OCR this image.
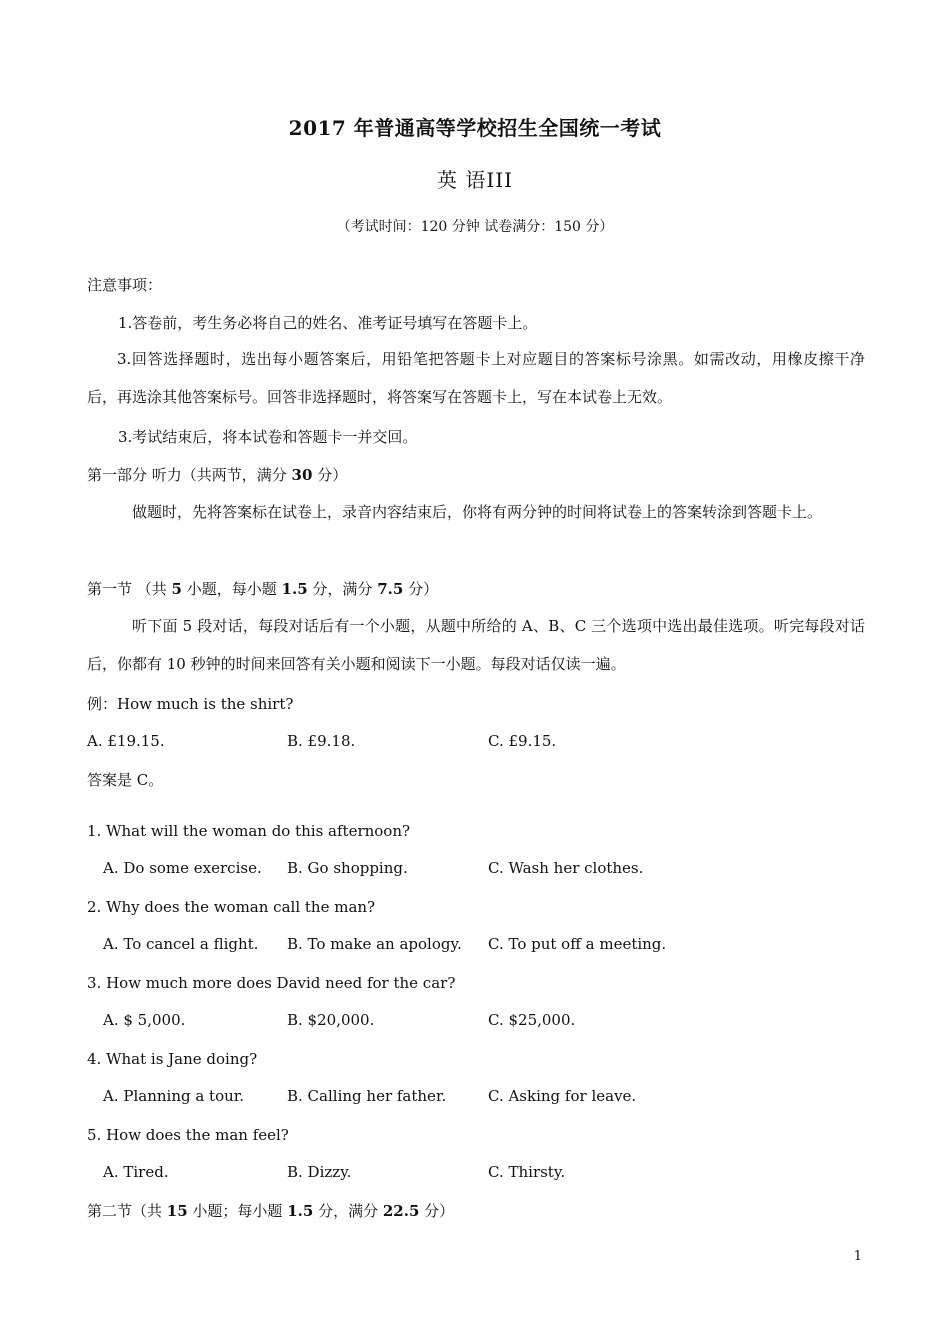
2017 年普通高等学校招生全国统一考试
英 语III
（考试时间：120 分钟 试卷满分：150 分）
注意事项：
1.答卷前，考生务必将自己的姓名、准考证号填写在答题卡上。
3.回答选择题时，选出每小题答案后，用铅笔把答题卡上对应题目的答案标号涂黑。如需改动，用橡皮擦干净后，再选涂其他答案标号。回答非选择题时，将答案写在答题卡上，写在本试卷上无效。
3.考试结束后，将本试卷和答题卡一并交回。
第一部分 听力（共两节，满分 30 分）
做题时，先将答案标在试卷上，录音内容结束后，你将有两分钟的时间将试卷上的答案转涂到答题卡上。
第一节 （共 5 小题，每小题 1.5 分，满分 7.5 分）
听下面 5 段对话，每段对话后有一个小题，从题中所给的 A、B、C 三个选项中选出最佳选项。听完每段对话后，你都有 10 秒钟的时间来回答有关小题和阅读下一小题。每段对话仅读一遍。
例：How much is the shirt?
A. £19.15.	B. £9.18.	C. £9.15.
答案是 C。
1. What will the woman do this afternoon?
A. Do some exercise. B. Go shopping.	C. Wash her clothes.
2. Why does the woman call the man?
A. To cancel a flight. B. To make an apology. C. To put off a meeting.
3. How much more does David need for the car?
A. $ 5,000.	B. $20,000.	C. $25,000.
4. What is Jane doing?
A. Planning a tour.	B. Calling her father.	C. Asking for leave.
5. How does the man feel?
A. Tired.	B. Dizzy.	C. Thirsty.
第二节（共 15 小题；每小题 1.5 分，满分 22.5 分）
1
